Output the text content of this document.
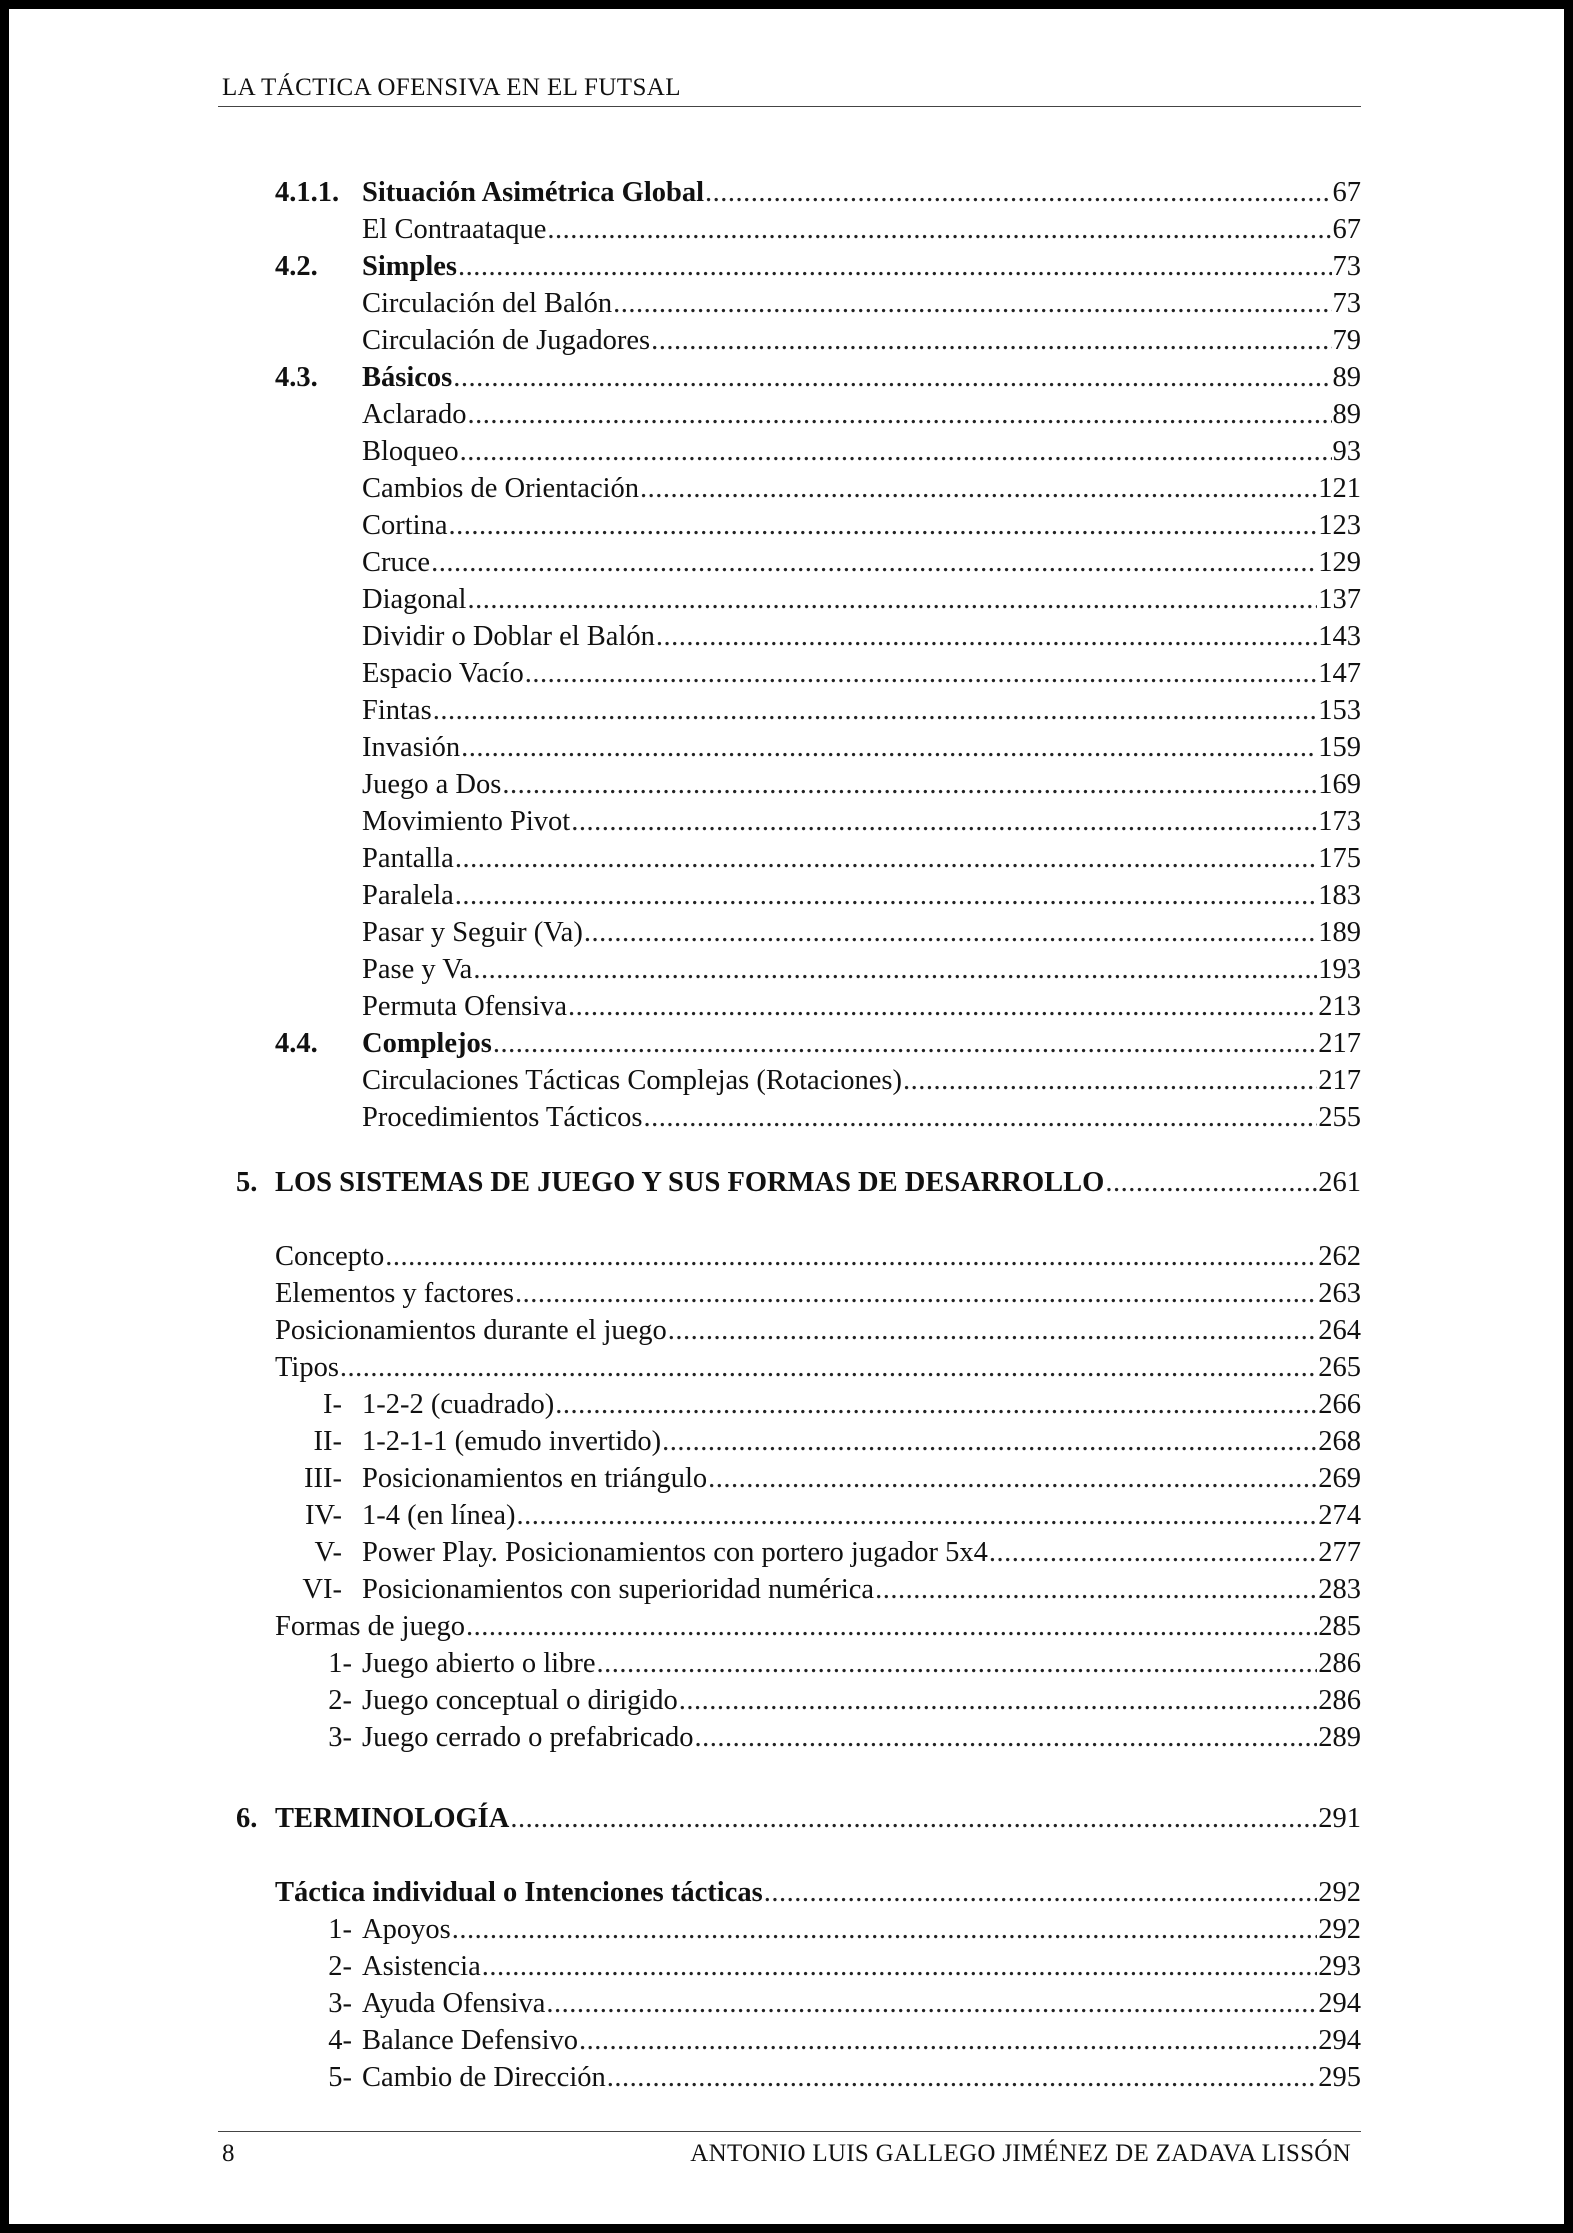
LA TÁCTICA OFENSIVA EN EL FUTSAL
4.1.1. Situación Asimétrica Global .....	67
El Contraataque .....	67
4.2. Simples .....	73
Circulación del Balón .....	73
Circulación de Jugadores .....	79
4.3. Básicos .....	89
Aclarado .....	89
Bloqueo .....	93
Cambios de Orientación .....	121
Cortina .....	123
Cruce .....	129
Diagonal .....	137
Dividir o Doblar el Balón .....	143
Espacio Vacío .....	147
Fintas .....	153
Invasión .....	159
Juego a Dos .....	169
Movimiento Pivot .....	173
Pantalla .....	175
Paralela .....	183
Pasar y Seguir (Va) .....	189
Pase y Va .....	193
Permuta Ofensiva .....	213
4.4. Complejos .....	217
Circulaciones Tácticas Complejas (Rotaciones) .....	217
Procedimientos Tácticos .....	255
5. LOS SISTEMAS DE JUEGO Y SUS FORMAS DE DESARROLLO .....	261
Concepto .....	262
Elementos y factores .....	263
Posicionamientos durante el juego .....	264
Tipos .....	265
I- 1-2-2 (cuadrado) .....	266
II- 1-2-1-1 (emudo invertido) .....	268
III- Posicionamientos en triángulo .....	269
IV- 1-4 (en línea) .....	274
V- Power Play. Posicionamientos con portero jugador 5x4 .....	277
VI- Posicionamientos con superioridad numérica .....	283
Formas de juego .....	285
1- Juego abierto o libre .....	286
2- Juego conceptual o dirigido .....	286
3- Juego cerrado o prefabricado .....	289
6. TERMINOLOGÍA .....	291
Táctica individual o Intenciones tácticas .....	292
1- Apoyos .....	292
2- Asistencia .....	293
3- Ayuda Ofensiva .....	294
4- Balance Defensivo .....	294
5- Cambio de Dirección .....	295
8	ANTONIO LUIS GALLEGO JIMÉNEZ DE ZADAVA LISSÓN
